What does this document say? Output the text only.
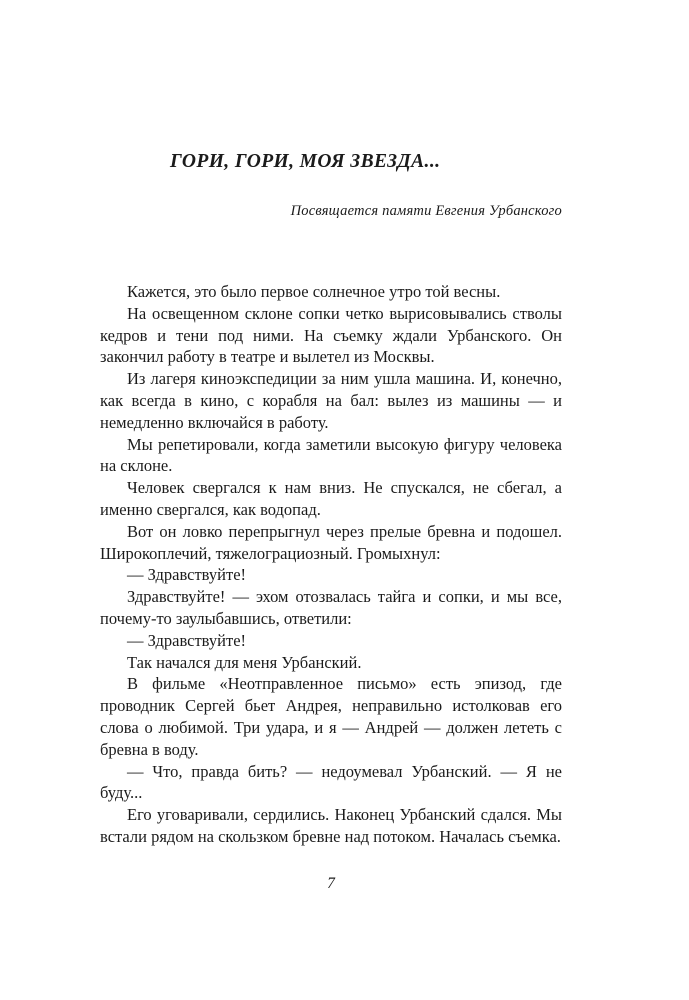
ГОРИ, ГОРИ, МОЯ ЗВЕЗДА...
Посвящается памяти Евгения Урбанского

Кажется, это было первое солнечное утро той весны.

На освещенном склоне сопки четко вырисовывались стволы кедров и тени под ними. На съемку ждали Урбанского. Он закончил работу в театре и вылетел из Москвы.

Из лагеря киноэкспедиции за ним ушла машина. И, конечно, как всегда в кино, с корабля на бал: вылез из машины — и немедленно включайся в работу.

Мы репетировали, когда заметили высокую фигуру человека на склоне.

Человек свергался к нам вниз. Не спускался, не сбегал, а именно свергался, как водопад.

Вот он ловко перепрыгнул через прелые бревна и подошел. Широкоплечий, тяжелограциозный. Громыхнул:

— Здравствуйте!

Здравствуйте! — эхом отозвалась тайга и сопки, и мы все, почему-то заулыбавшись, ответили:

— Здравствуйте!

Так начался для меня Урбанский.

В фильме «Неотправленное письмо» есть эпизод, где проводник Сергей бьет Андрея, неправильно истолковав его слова о любимой. Три удара, и я — Андрей — должен лететь с бревна в воду.

— Что, правда бить? — недоумевал Урбанский. — Я не буду...

Его уговаривали, сердились. Наконец Урбанский сдался. Мы встали рядом на скользком бревне над потоком. Началась съемка.

7
